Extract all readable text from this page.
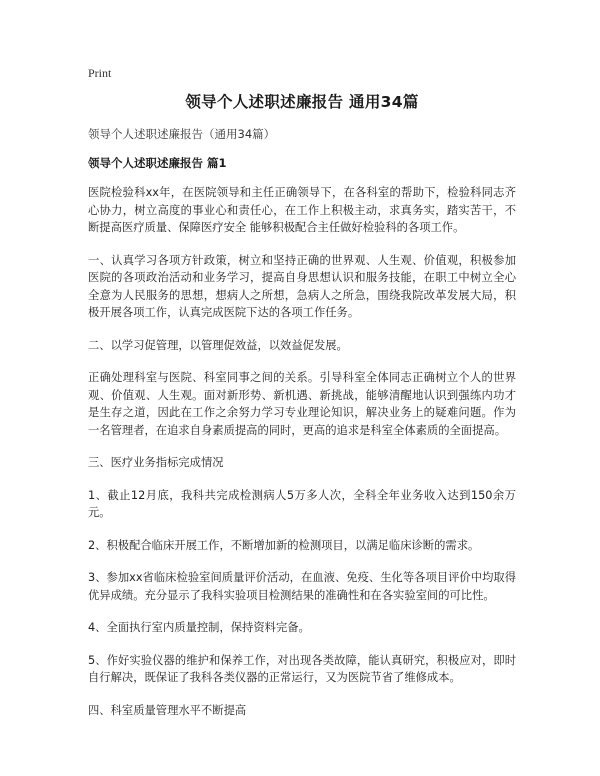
Print
领导个人述职述廉报告 通用34篇
领导个人述职述廉报告（通用34篇）
领导个人述职述廉报告 篇1

医院检验科xx年，在医院领导和主任正确领导下，在各科室的帮助下，检验科同志齐心协力，树立高度的事业心和责任心，在工作上积极主动，求真务实，踏实苦干，不断提高医疗质量、保障医疗安全 能够积极配合主任做好检验科的各项工作。

一、认真学习各项方针政策，树立和坚持正确的世界观、人生观、价值观，积极参加医院的各项政治活动和业务学习，提高自身思想认识和服务技能，在职工中树立全心全意为人民服务的思想，想病人之所想，急病人之所急，围绕我院改革发展大局，积极开展各项工作，认真完成医院下达的各项工作任务。

二、以学习促管理，以管理促效益，以效益促发展。

正确处理科室与医院、科室同事之间的关系。引导科室全体同志正确树立个人的世界观、价值观、人生观。面对新形势、新机遇、新挑战，能够清醒地认识到强练内功才是生存之道，因此在工作之余努力学习专业理论知识，解决业务上的疑难问题。作为一名管理者，在追求自身素质提高的同时，更高的追求是科室全体素质的全面提高。

三、医疗业务指标完成情况

1、截止12月底，我科共完成检测病人5万多人次，全科全年业务收入达到150余万元。

2、积极配合临床开展工作，不断增加新的检测项目，以满足临床诊断的需求。

3、参加xx省临床检验室间质量评价活动，在血液、免疫、生化等各项目评价中均取得优异成绩。充分显示了我科实验项目检测结果的准确性和在各实验室间的可比性。

4、全面执行室内质量控制，保持资料完备。

5、作好实验仪器的维护和保养工作，对出现各类故障，能认真研究，积极应对，即时自行解决，既保证了我科各类仪器的正常运行，又为医院节省了维修成本。

四、科室质量管理水平不断提高
